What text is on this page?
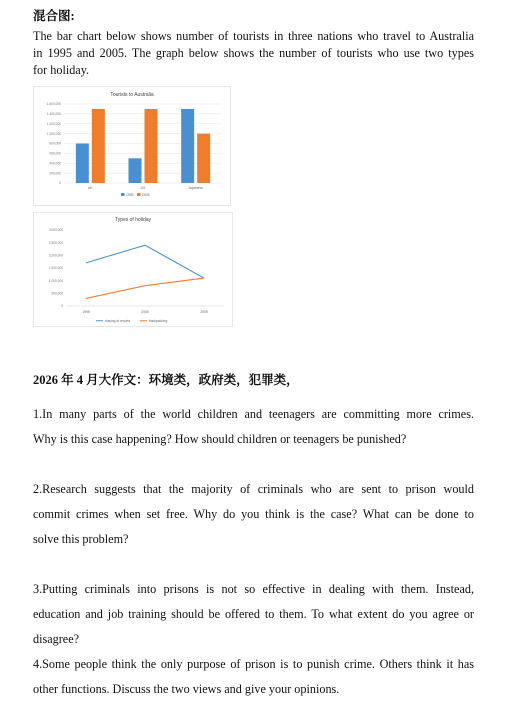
混合图:
The bar chart below shows number of tourists in three nations who travel to Australia
in 1995 and 2005. The graph below shows the number of tourists who use two types
for holiday.
Tourists to Australia
0
200,000
400,000
600,000
800,000
1,000,000
1,200,000
1,400,000
1,600,000
UK	US	Japanese
1995 2005
Types of holiday
0
500,000
1,000,000
1,500,000
2,000,000
2,500,000
3,000,000
1995	2000	2005
staying at resorts	backpacking
2026 年 4 月大作文：环境类，政府类，犯罪类，
1.In many parts of the world children and teenagers are committing more crimes.
Why is this case happening? How should children or teenagers be punished?
2.Research suggests that the majority of criminals who are sent to prison would
commit crimes when set free. Why do you think is the case? What can be done to
solve this problem?
3.Putting criminals into prisons is not so effective in dealing with them. Instead,
education and job training should be offered to them. To what extent do you agree or
disagree?
4.Some people think the only purpose of prison is to punish crime. Others think it has
other functions. Discuss the two views and give your opinions.
